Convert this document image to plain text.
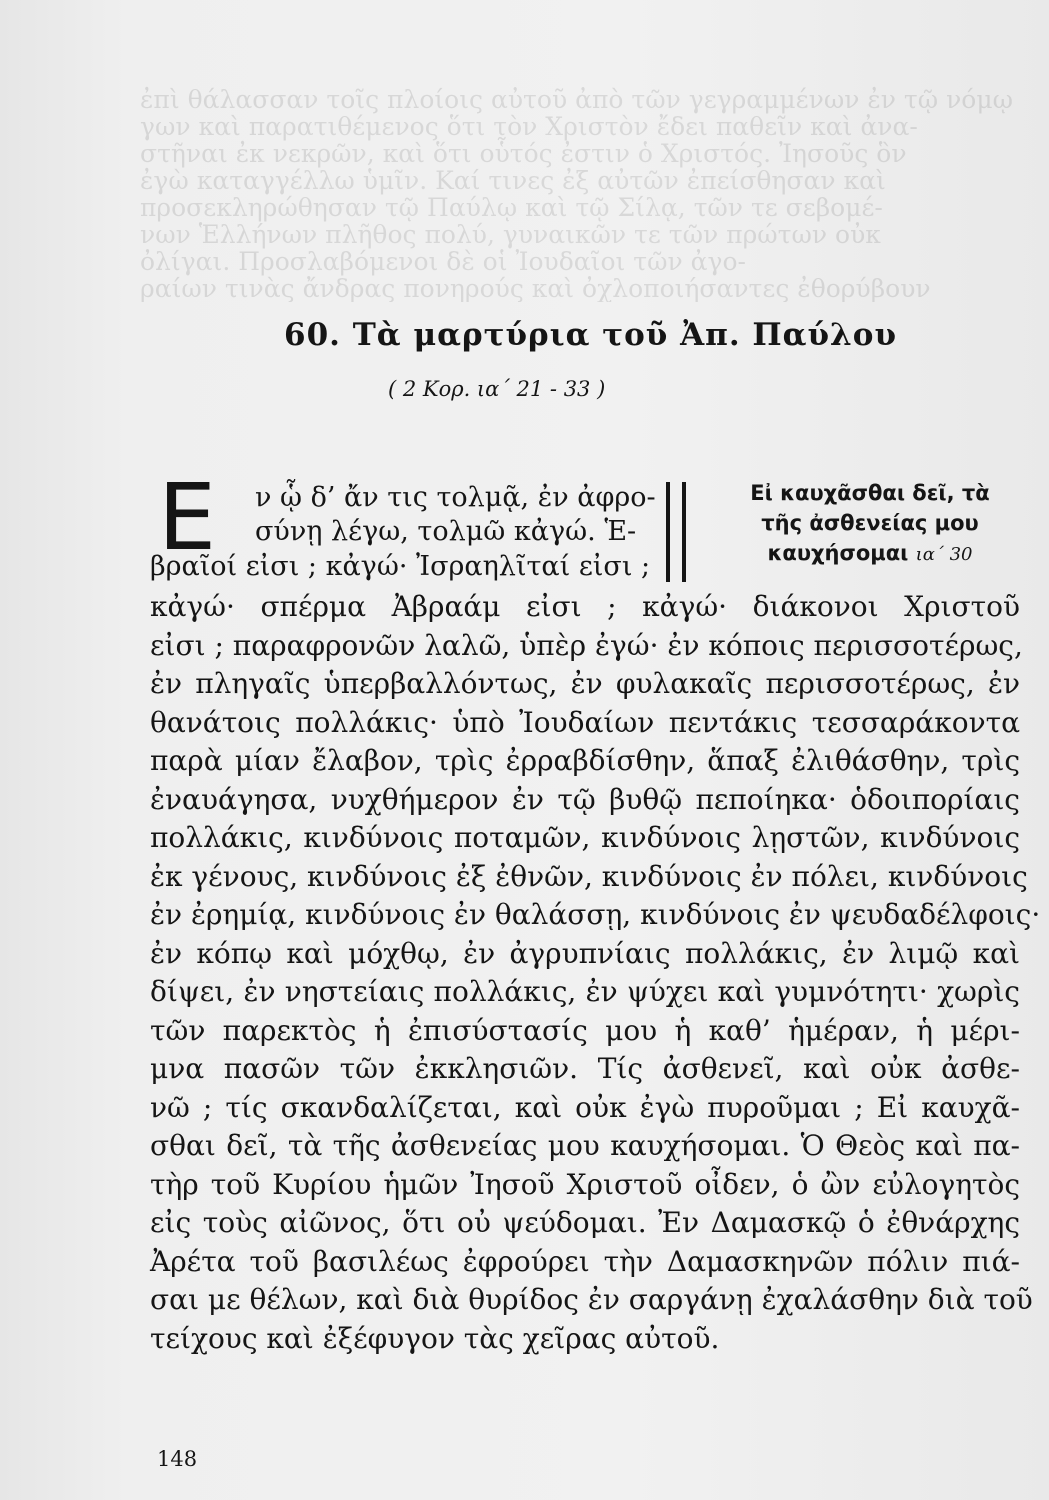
ἐπὶ θάλασσαν τοῖς πλοίοις αὐτοῦ ἀπὸ τῶν γεγραμμένων ἐν τῷ νόμῳ
γων καὶ παρατιθέμενος ὅτι τὸν Χριστὸν ἔδει παθεῖν καὶ ἀνα-
στῆναι ἐκ νεκρῶν, καὶ ὅτι οὗτός ἐστιν ὁ Χριστός. Ἰησοῦς ὃν
ἐγὼ καταγγέλλω ὑμῖν. Καί τινες ἐξ αὐτῶν ἐπείσθησαν καὶ
προσεκληρώθησαν τῷ Παύλῳ καὶ τῷ Σίλᾳ, τῶν τε σεβομέ-
νων Ἑλλήνων πλῆθος πολύ, γυναικῶν τε τῶν πρώτων οὐκ
ὀλίγαι. Προσλαβόμενοι δὲ οἱ Ἰουδαῖοι τῶν ἀγο-
ραίων τινὰς ἄνδρας πονηρούς καὶ ὀχλοποιήσαντες ἐθορύβουν
60. Τὰ μαρτύρια τοῦ Ἀπ. Παύλου
( 2 Κορ. ια΄ 21 - 33 )
Ε ν ᾧ δ’ ἄν τις τολμᾷ, ἐν ἀφρο-
σύνῃ λέγω, τολμῶ κἀγώ. Ἑ-
βραῖοί εἰσι ; κἀγώ· Ἰσραηλῖταί εἰσι ;
Εἰ καυχᾶσθαι δεῖ, τὰ
τῆς ἀσθενείας μου
καυχήσομαι ια΄ 30
κἀγώ· σπέρμα Ἀβραάμ εἰσι ; κἀγώ· διάκονοι Χριστοῦ
εἰσι ; παραφρονῶν λαλῶ, ὑπὲρ ἐγώ· ἐν κόποις περισσοτέρως,
ἐν πληγαῖς ὑπερβαλλόντως, ἐν φυλακαῖς περισσοτέρως, ἐν
θανάτοις πολλάκις· ὑπὸ Ἰουδαίων πεντάκις τεσσαράκοντα
παρὰ μίαν ἔλαβον, τρὶς ἐρραβδίσθην, ἅπαξ ἐλιθάσθην, τρὶς
ἐναυάγησα, νυχθήμερον ἐν τῷ βυθῷ πεποίηκα· ὁδοιπορίαις
πολλάκις, κινδύνοις ποταμῶν, κινδύνοις λῃστῶν, κινδύνοις
ἐκ γένους, κινδύνοις ἐξ ἐθνῶν, κινδύνοις ἐν πόλει, κινδύνοις
ἐν ἐρημίᾳ, κινδύνοις ἐν θαλάσσῃ, κινδύνοις ἐν ψευδαδέλφοις·
ἐν κόπῳ καὶ μόχθῳ, ἐν ἀγρυπνίαις πολλάκις, ἐν λιμῷ καὶ
δίψει, ἐν νηστείαις πολλάκις, ἐν ψύχει καὶ γυμνότητι· χωρὶς
τῶν παρεκτὸς ἡ ἐπισύστασίς μου ἡ καθ’ ἡμέραν, ἡ μέρι-
μνα πασῶν τῶν ἐκκλησιῶν. Τίς ἀσθενεῖ, καὶ οὐκ ἀσθε-
νῶ ; τίς σκανδαλίζεται, καὶ οὐκ ἐγὼ πυροῦμαι ; Εἰ καυχᾶ-
σθαι δεῖ, τὰ τῆς ἀσθενείας μου καυχήσομαι. Ὁ Θεὸς καὶ πα-
τὴρ τοῦ Κυρίου ἡμῶν Ἰησοῦ Χριστοῦ οἶδεν, ὁ ὢν εὐλογητὸς
εἰς τοὺς αἰῶνος, ὅτι οὐ ψεύδομαι. Ἐν Δαμασκῷ ὁ ἐθνάρχης
Ἀρέτα τοῦ βασιλέως ἐφρούρει τὴν Δαμασκηνῶν πόλιν πιά-
σαι με θέλων, καὶ διὰ θυρίδος ἐν σαργάνῃ ἐχαλάσθην διὰ τοῦ
τείχους καὶ ἐξέφυγον τὰς χεῖρας αὐτοῦ.
148
